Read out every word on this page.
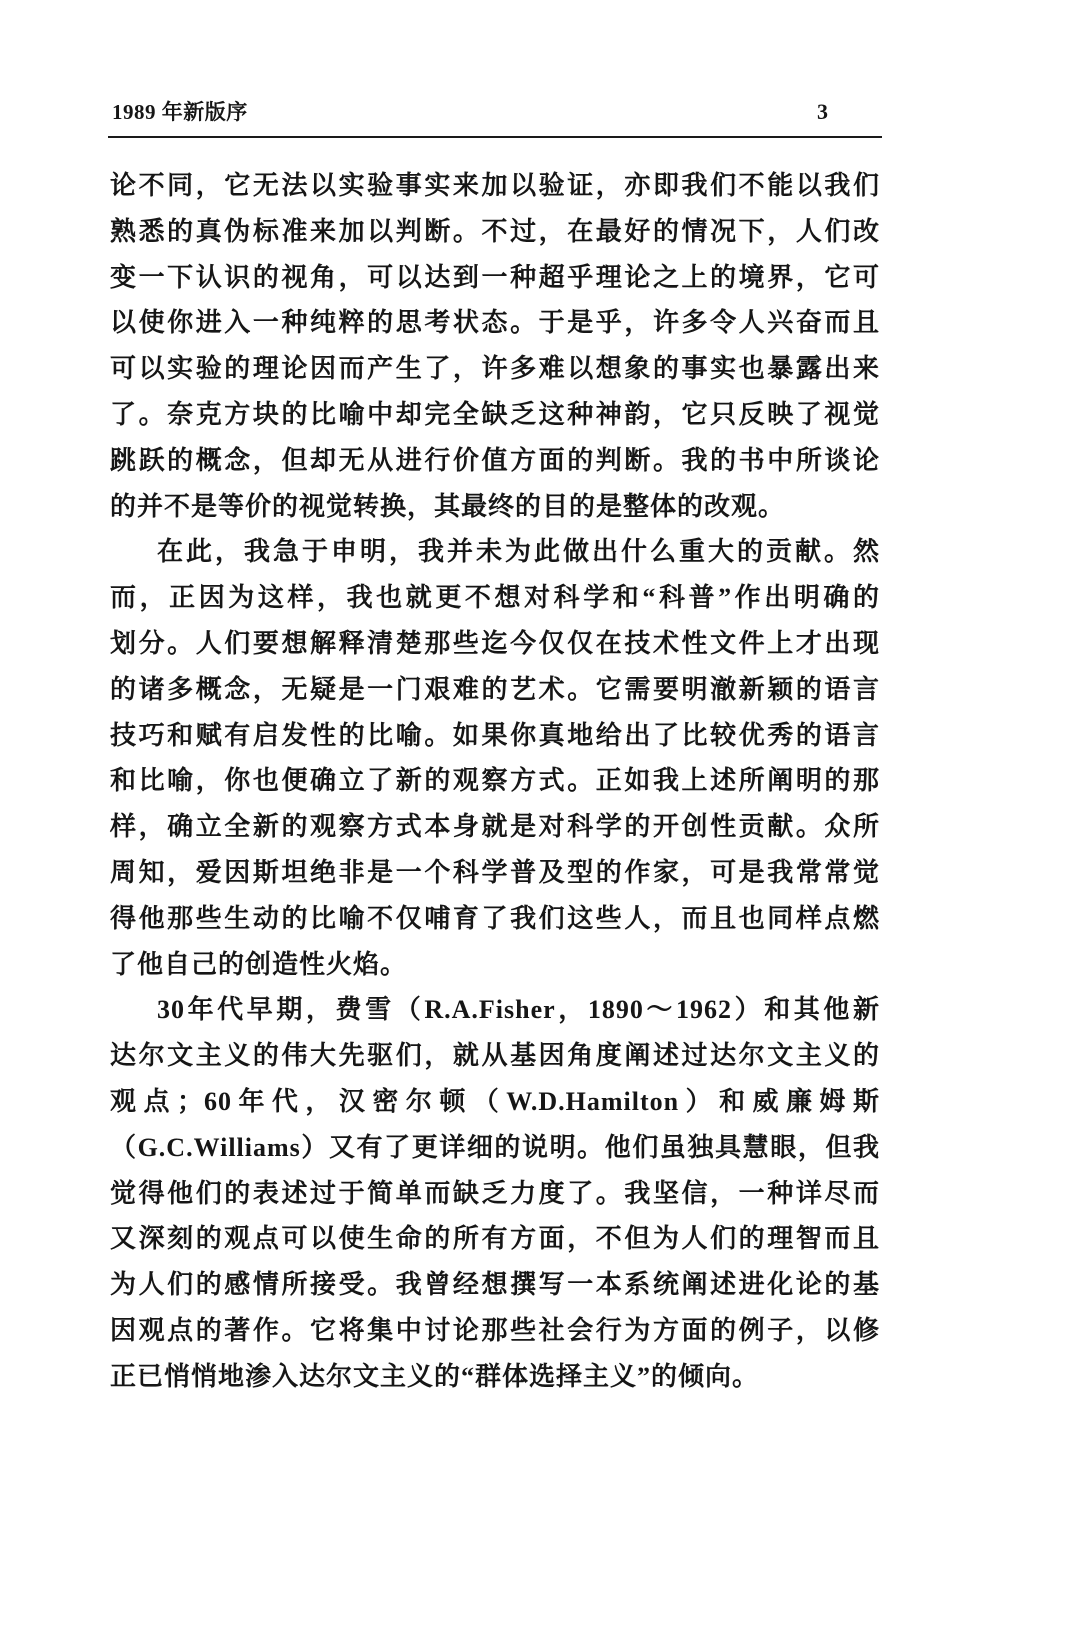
1989 年新版序	3
论不同，它无法以实验事实来加以验证，亦即我们不能以我们
熟悉的真伪标准来加以判断。不过，在最好的情况下，人们改
变一下认识的视角，可以达到一种超乎理论之上的境界，它可
以使你进入一种纯粹的思考状态。于是乎，许多令人兴奋而且
可以实验的理论因而产生了，许多难以想象的事实也暴露出来
了。奈克方块的比喻中却完全缺乏这种神韵，它只反映了视觉
跳跃的概念，但却无从进行价值方面的判断。我的书中所谈论
的并不是等价的视觉转换，其最终的目的是整体的改观。
在此，我急于申明，我并未为此做出什么重大的贡献。然
而，正因为这样，我也就更不想对科学和“科普”作出明确的
划分。人们要想解释清楚那些迄今仅仅在技术性文件上才出现
的诸多概念，无疑是一门艰难的艺术。它需要明澈新颖的语言
技巧和赋有启发性的比喻。如果你真地给出了比较优秀的语言
和比喻，你也便确立了新的观察方式。正如我上述所阐明的那
样，确立全新的观察方式本身就是对科学的开创性贡献。众所
周知，爱因斯坦绝非是一个科学普及型的作家，可是我常常觉
得他那些生动的比喻不仅哺育了我们这些人，而且也同样点燃
了他自己的创造性火焰。
30年代早期，费雪（R.A.Fisher，1890～1962）和其他新
达尔文主义的伟大先驱们，就从基因角度阐述过达尔文主义的
观点；60年代，汉密尔顿（W.D.Hamilton）和威廉姆斯
（G.C.Williams）又有了更详细的说明。他们虽独具慧眼，但我
觉得他们的表述过于简单而缺乏力度了。我坚信，一种详尽而
又深刻的观点可以使生命的所有方面，不但为人们的理智而且
为人们的感情所接受。我曾经想撰写一本系统阐述进化论的基
因观点的著作。它将集中讨论那些社会行为方面的例子，以修
正已悄悄地渗入达尔文主义的“群体选择主义”的倾向。
